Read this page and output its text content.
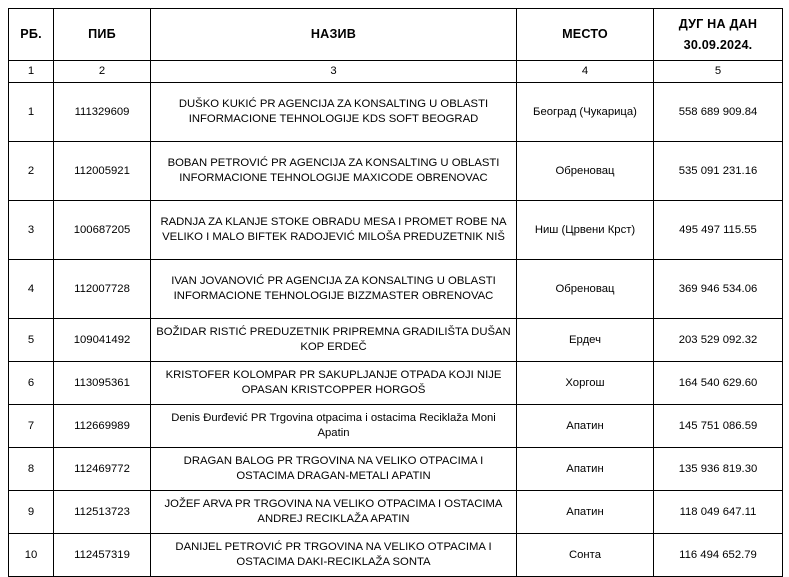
РБ.	ПИБ	НАЗИВ	МЕСТО	ДУГ НА ДАН
30.09.2024.

1	2	3	4	5
1	111329609	DUŠKO KUKIĆ PR AGENCIJA ZA KONSALTING U OBLASTI INFORMACIONE TEHNOLOGIJE KDS SOFT BEOGRAD	Београд (Чукарица)	558 689 909.84
2	112005921	BOBAN PETROVIĆ PR AGENCIJA ZA KONSALTING U OBLASTI INFORMACIONE TEHNOLOGIJE MAXICODE OBRENOVAC	Обреновац	535 091 231.16
3	100687205	RADNJA ZA KLANJE STOKE OBRADU MESA I PROMET ROBE NA VELIKO I MALO BIFTEK RADOJEVIĆ MILOŠA PREDUZETNIK NIŠ	Ниш (Црвени Крст)	495 497 115.55
4	112007728	IVAN JOVANOVIĆ PR AGENCIJA ZA KONSALTING U OBLASTI INFORMACIONE TEHNOLOGIJE BIZZMASTER OBRENOVAC	Обреновац	369 946 534.06
5	109041492	BOŽIDAR RISTIĆ PREDUZETNIK PRIPREMNA GRADILIŠTA DUŠAN KOP ERDEČ	Ердеч	203 529 092.32
6	113095361	KRISTOFER KOLOMPAR PR SAKUPLJANJE OTPADA KOJI NIJE OPASAN KRISTCOPPER HORGOŠ	Хоргош	164 540 629.60
7	112669989	Denis Đurđević PR Trgovina otpacima i ostacima Reciklaža Moni Apatin	Апатин	145 751 086.59
8	112469772	DRAGAN BALOG PR TRGOVINA NA VELIKO OTPACIMA I OSTACIMA DRAGAN-METALI APATIN	Апатин	135 936 819.30
9	112513723	JOŽEF ARVA PR TRGOVINA NA VELIKO OTPACIMA I OSTACIMA ANDREJ RECIKLAŽA APATIN	Апатин	118 049 647.11
10	112457319	DANIJEL PETROVIĆ PR TRGOVINA NA VELIKO OTPACIMA I OSTACIMA DAKI-RECIKLAŽA SONTA	Сонта	116 494 652.79
